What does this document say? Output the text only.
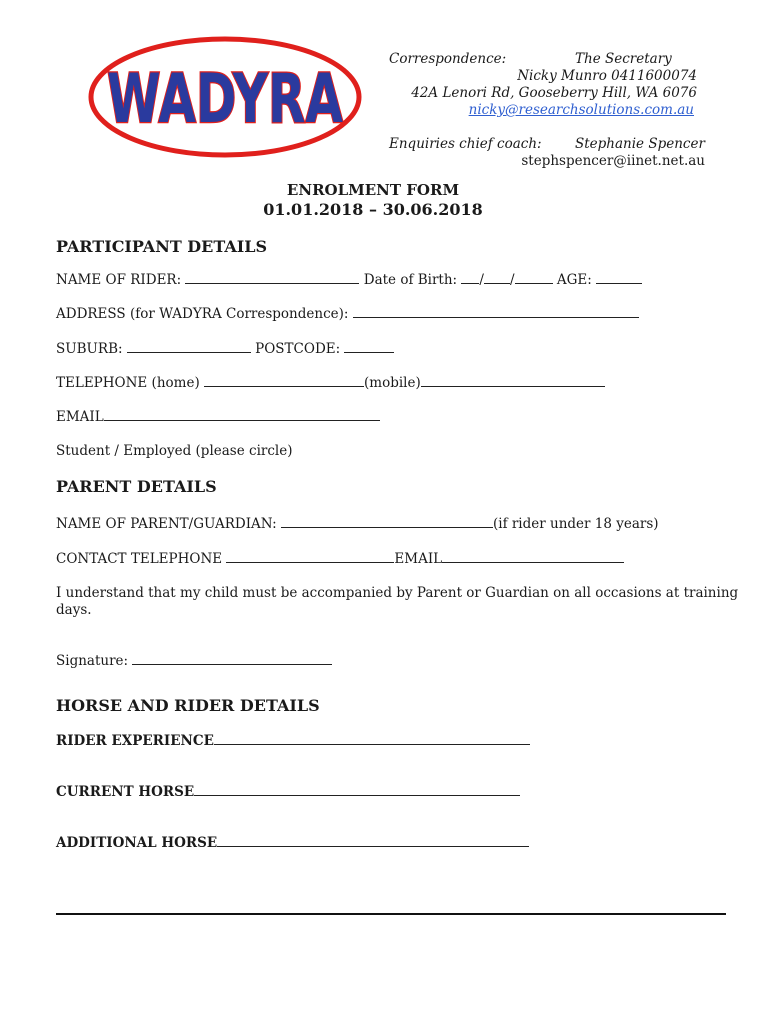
WADYRA
Correspondence:	The Secretary
Nicky Munro 0411600074
42A Lenori Rd, Gooseberry Hill, WA 6076
nicky@researchsolutions.com.au
Enquiries chief coach: Stephanie Spencer
stephspencer@iinet.net.au
ENROLMENT FORM
01.01.2018 – 30.06.2018
PARTICIPANT DETAILS
NAME OF RIDER:	Date of Birth: / /	AGE:
ADDRESS (for WADYRA Correspondence):
SUBURB:	POSTCODE:
TELEPHONE (home)	(mobile)
EMAIL
Student / Employed (please circle)
PARENT DETAILS
NAME OF PARENT/GUARDIAN:	(if rider under 18 years)
CONTACT TELEPHONE	EMAIL
I understand that my child must be accompanied by Parent or Guardian on all occasions at training
days.
Signature:
HORSE AND RIDER DETAILS
RIDER EXPERIENCE
CURRENT HORSE
ADDITIONAL HORSE
